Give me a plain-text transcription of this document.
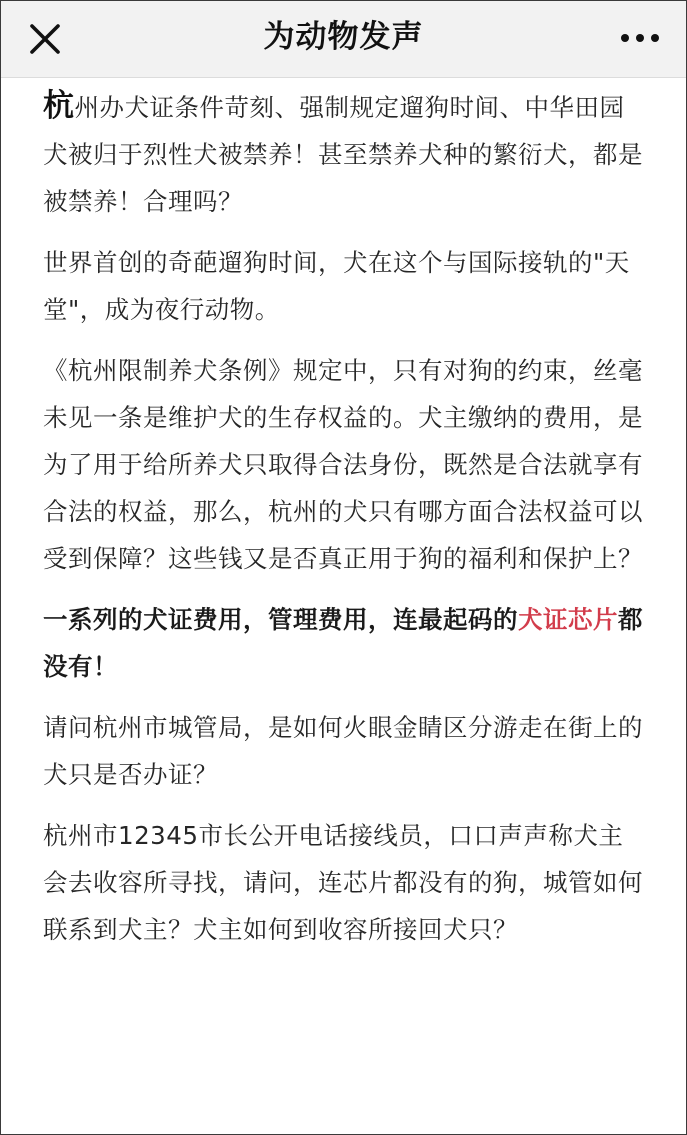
为动物发声

杭州办犬证条件苛刻、强制规定遛狗时间、中华田园犬被归于烈性犬被禁养！甚至禁养犬种的繁衍犬，都是被禁养！合理吗？

世界首创的奇葩遛狗时间，犬在这个与国际接轨的"天堂"，成为夜行动物。

《杭州限制养犬条例》规定中，只有对狗的约束，丝毫未见一条是维护犬的生存权益的。犬主缴纳的费用，是为了用于给所养犬只取得合法身份，既然是合法就享有合法的权益，那么，杭州的犬只有哪方面合法权益可以受到保障？这些钱又是否真正用于狗的福利和保护上？

一系列的犬证费用，管理费用，连最起码的犬证芯片都没有！

请问杭州市城管局，是如何火眼金睛区分游走在街上的犬只是否办证？

杭州市12345市长公开电话接线员，口口声声称犬主会去收容所寻找，请问，连芯片都没有的狗，城管如何联系到犬主？犬主如何到收容所接回犬只？
